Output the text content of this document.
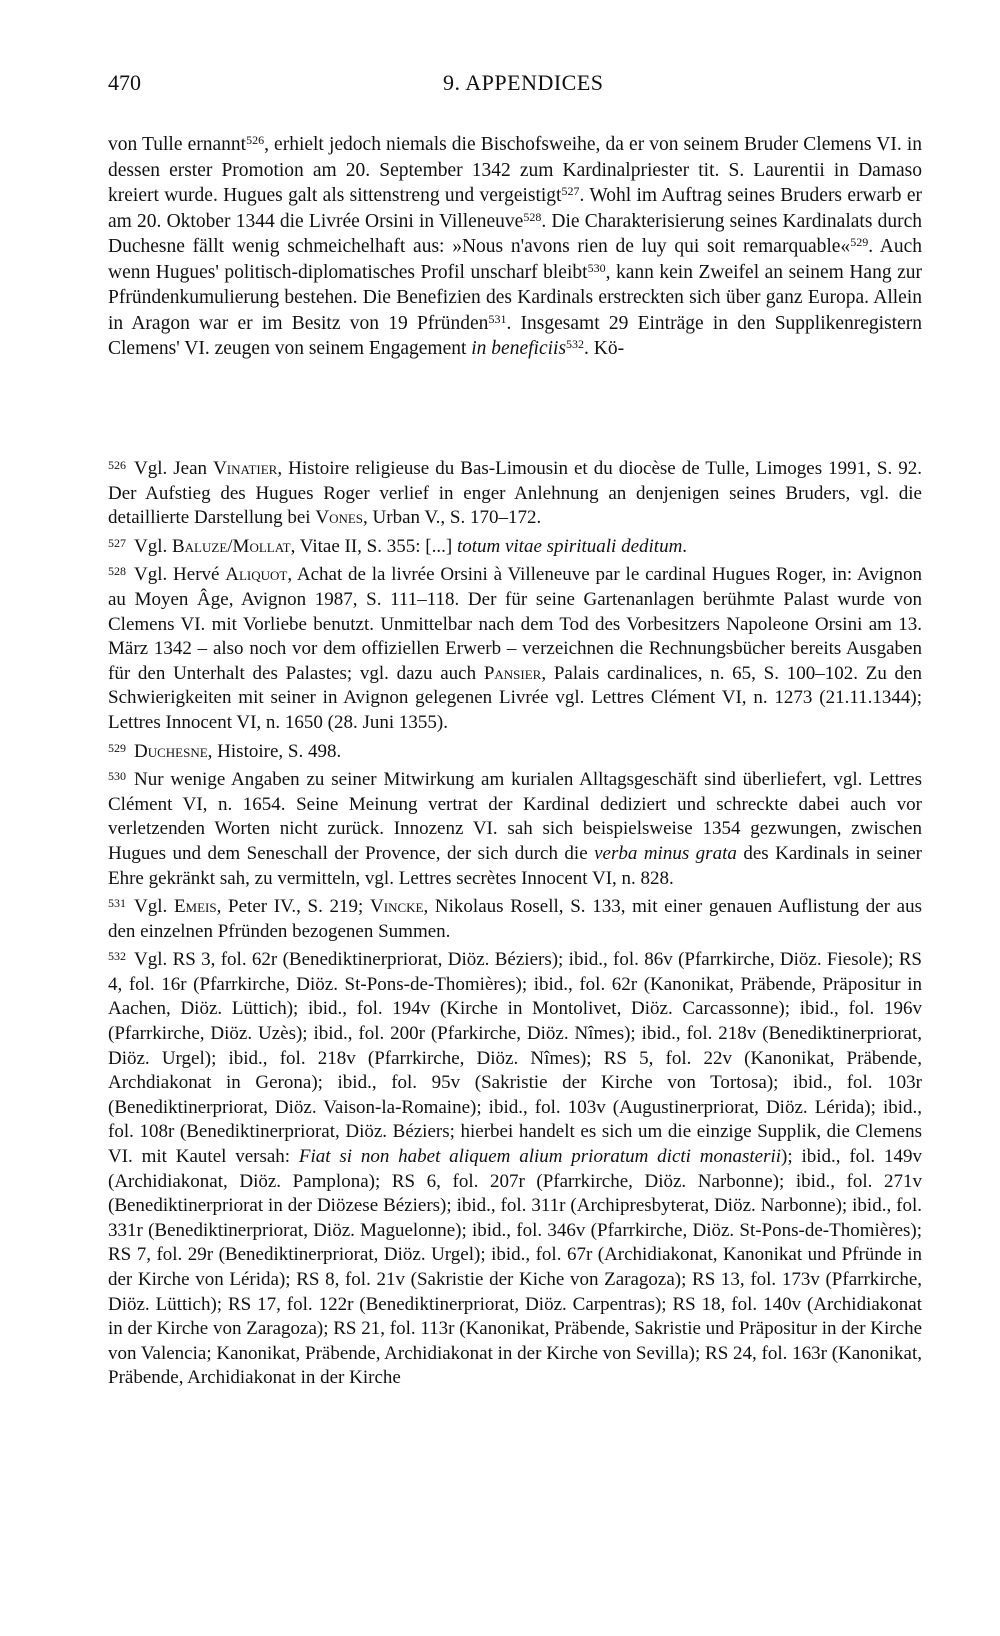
470	9. APPENDICES

von Tulle ernannt$^{526}$, erhielt jedoch niemals die Bischofsweihe, da er von seinem Bruder Clemens VI. in dessen erster Promotion am 20. September 1342 zum Kardinalpriester tit. S. Laurentii in Damaso kreiert wurde. Hugues galt als sittenstreng und vergeistigt$^{527}$. Wohl im Auftrag seines Bruders erwarb er am 20. Oktober 1344 die Livrée Orsini in Villeneuve$^{528}$. Die Charakterisierung seines Kardinalats durch Duchesne fällt wenig schmeichelhaft aus: »Nous n'avons rien de luy qui soit remarquable«$^{529}$. Auch wenn Hugues' politisch-diplomatisches Profil unscharf bleibt$^{530}$, kann kein Zweifel an seinem Hang zur Pfründenkumulierung bestehen. Die Benefizien des Kardinals erstreckten sich über ganz Europa. Allein in Aragon war er im Besitz von 19 Pfründen$^{531}$. Insgesamt 29 Einträge in den Supplikenregistern Clemens' VI. zeugen von seinem Engagement in beneficiis$^{532}$. Kö-

$^{526}$ Vgl. Jean Vinatier, Histoire religieuse du Bas-Limousin et du diocèse de Tulle, Limoges 1991, S. 92. Der Aufstieg des Hugues Roger verlief in enger Anlehnung an denjenigen seines Bruders, vgl. die detaillierte Darstellung bei Vones, Urban V., S. 170–172.

$^{527}$ Vgl. Baluze/Mollat, Vitae II, S. 355: [...] totum vitae spirituali deditum.

$^{528}$ Vgl. Hervé Aliquot, Achat de la livrée Orsini à Villeneuve par le cardinal Hugues Roger, in: Avignon au Moyen Âge, Avignon 1987, S. 111–118. Der für seine Gartenanlagen berühmte Palast wurde von Clemens VI. mit Vorliebe benutzt. Unmittelbar nach dem Tod des Vorbesitzers Napoleone Orsini am 13. März 1342 – also noch vor dem offiziellen Erwerb – verzeichnen die Rechnungsbücher bereits Ausgaben für den Unterhalt des Palastes; vgl. dazu auch Pansier, Palais cardinalices, n. 65, S. 100–102. Zu den Schwierigkeiten mit seiner in Avignon gelegenen Livrée vgl. Lettres Clément VI, n. 1273 (21.11.1344); Lettres Innocent VI, n. 1650 (28. Juni 1355).

$^{529}$ Duchesne, Histoire, S. 498.

$^{530}$ Nur wenige Angaben zu seiner Mitwirkung am kurialen Alltagsgeschäft sind überliefert, vgl. Lettres Clément VI, n. 1654. Seine Meinung vertrat der Kardinal dediziert und schreckte dabei auch vor verletzenden Worten nicht zurück. Innozenz VI. sah sich beispielsweise 1354 gezwungen, zwischen Hugues und dem Seneschall der Provence, der sich durch die verba minus grata des Kardinals in seiner Ehre gekränkt sah, zu vermitteln, vgl. Lettres secrètes Innocent VI, n. 828.

$^{531}$ Vgl. Emeis, Peter IV., S. 219; Vincke, Nikolaus Rosell, S. 133, mit einer genauen Auflistung der aus den einzelnen Pfründen bezogenen Summen.

$^{532}$ Vgl. RS 3, fol. 62r (Benediktinerpriorat, Diöz. Béziers); ibid., fol. 86v (Pfarrkirche, Diöz. Fiesole); RS 4, fol. 16r (Pfarrkirche, Diöz. St-Pons-de-Thomières); ibid., fol. 62r (Kanonikat, Präbende, Präpositur in Aachen, Diöz. Lüttich); ibid., fol. 194v (Kirche in Montolivet, Diöz. Carcassonne); ibid., fol. 196v (Pfarrkirche, Diöz. Uzès); ibid., fol. 200r (Pfarkirche, Diöz. Nîmes); ibid., fol. 218v (Benediktinerpriorat, Diöz. Urgel); ibid., fol. 218v (Pfarrkirche, Diöz. Nîmes); RS 5, fol. 22v (Kanonikat, Präbende, Archdiakonat in Gerona); ibid., fol. 95v (Sakristie der Kirche von Tortosa); ibid., fol. 103r (Benediktinerpriorat, Diöz. Vaison-la-Romaine); ibid., fol. 103v (Augustinerpriorat, Diöz. Lérida); ibid., fol. 108r (Benediktinerpriorat, Diöz. Béziers; hierbei handelt es sich um die einzige Supplik, die Clemens VI. mit Kautel versah: Fiat si non habet aliquem alium prioratum dicti monasterii); ibid., fol. 149v (Archidiakonat, Diöz. Pamplona); RS 6, fol. 207r (Pfarrkirche, Diöz. Narbonne); ibid., fol. 271v (Benediktinerpriorat in der Diözese Béziers); ibid., fol. 311r (Archipresbyterat, Diöz. Narbonne); ibid., fol. 331r (Benediktinerpriorat, Diöz. Maguelonne); ibid., fol. 346v (Pfarrkirche, Diöz. St-Pons-de-Thomières); RS 7, fol. 29r (Benediktinerpriorat, Diöz. Urgel); ibid., fol. 67r (Archidiakonat, Kanonikat und Pfründe in der Kirche von Lérida); RS 8, fol. 21v (Sakristie der Kiche von Zaragoza); RS 13, fol. 173v (Pfarrkirche, Diöz. Lüttich); RS 17, fol. 122r (Benediktinerpriorat, Diöz. Carpentras); RS 18, fol. 140v (Archidiakonat in der Kirche von Zaragoza); RS 21, fol. 113r (Kanonikat, Präbende, Sakristie und Präpositur in der Kirche von Valencia; Kanonikat, Präbende, Archidiakonat in der Kirche von Sevilla); RS 24, fol. 163r (Kanonikat, Präbende, Archidiakonat in der Kirche
